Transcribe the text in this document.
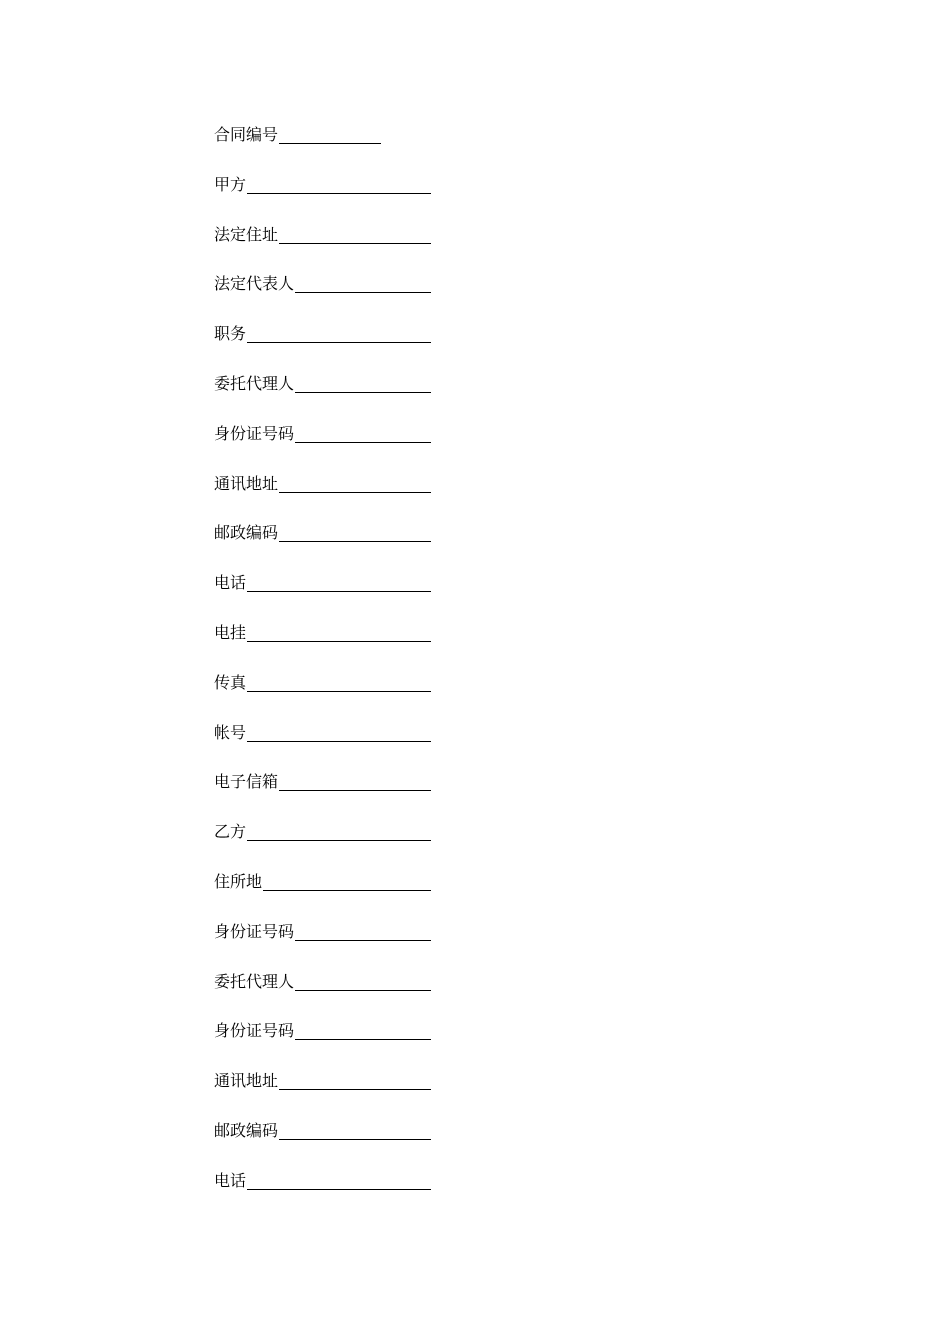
合同编号
甲方
法定住址
法定代表人
职务
委托代理人
身份证号码
通讯地址
邮政编码
电话
电挂
传真
帐号
电子信箱
乙方
住所地
身份证号码
委托代理人
身份证号码
通讯地址
邮政编码
电话
